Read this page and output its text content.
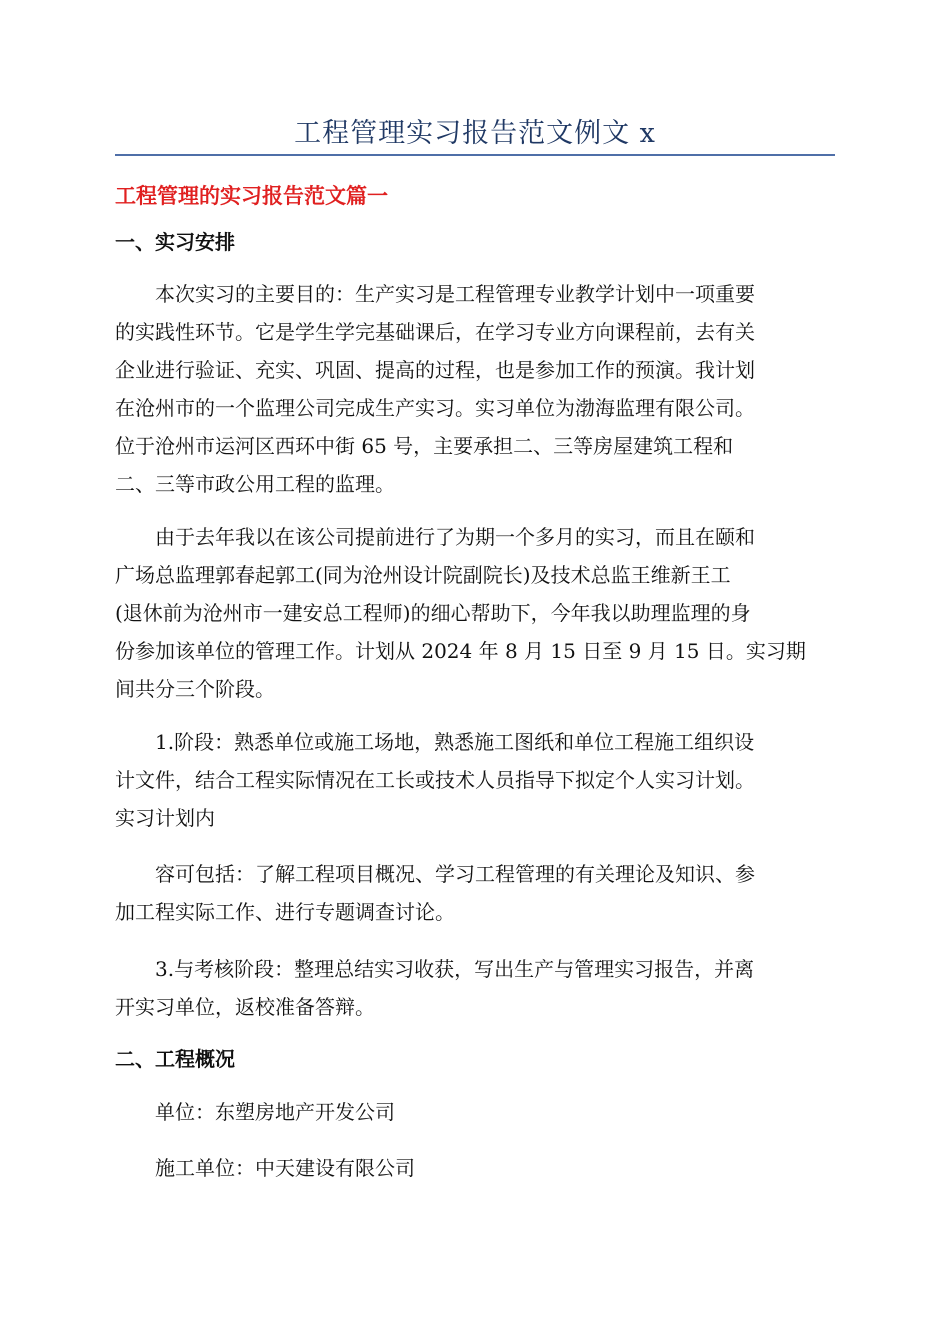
工程管理实习报告范文例文 x
工程管理的实习报告范文篇一
一、实习安排
本次实习的主要目的：生产实习是工程管理专业教学计划中一项重要
的实践性环节。它是学生学完基础课后，在学习专业方向课程前，去有关
企业进行验证、充实、巩固、提高的过程，也是参加工作的预演。我计划
在沧州市的一个监理公司完成生产实习。实习单位为渤海监理有限公司。
位于沧州市运河区西环中街 65 号，主要承担二、三等房屋建筑工程和
二、三等市政公用工程的监理。
由于去年我以在该公司提前进行了为期一个多月的实习，而且在颐和
广场总监理郭春起郭工(同为沧州设计院副院长)及技术总监王维新王工
(退休前为沧州市一建安总工程师)的细心帮助下，今年我以助理监理的身
份参加该单位的管理工作。计划从 2024 年 8 月 15 日至 9 月 15 日。实习期
间共分三个阶段。
1.阶段：熟悉单位或施工场地，熟悉施工图纸和单位工程施工组织设
计文件，结合工程实际情况在工长或技术人员指导下拟定个人实习计划。
实习计划内
容可包括：了解工程项目概况、学习工程管理的有关理论及知识、参
加工程实际工作、进行专题调查讨论。
3.与考核阶段：整理总结实习收获，写出生产与管理实习报告，并离
开实习单位，返校准备答辩。
二、工程概况
单位：东塑房地产开发公司
施工单位：中天建设有限公司
